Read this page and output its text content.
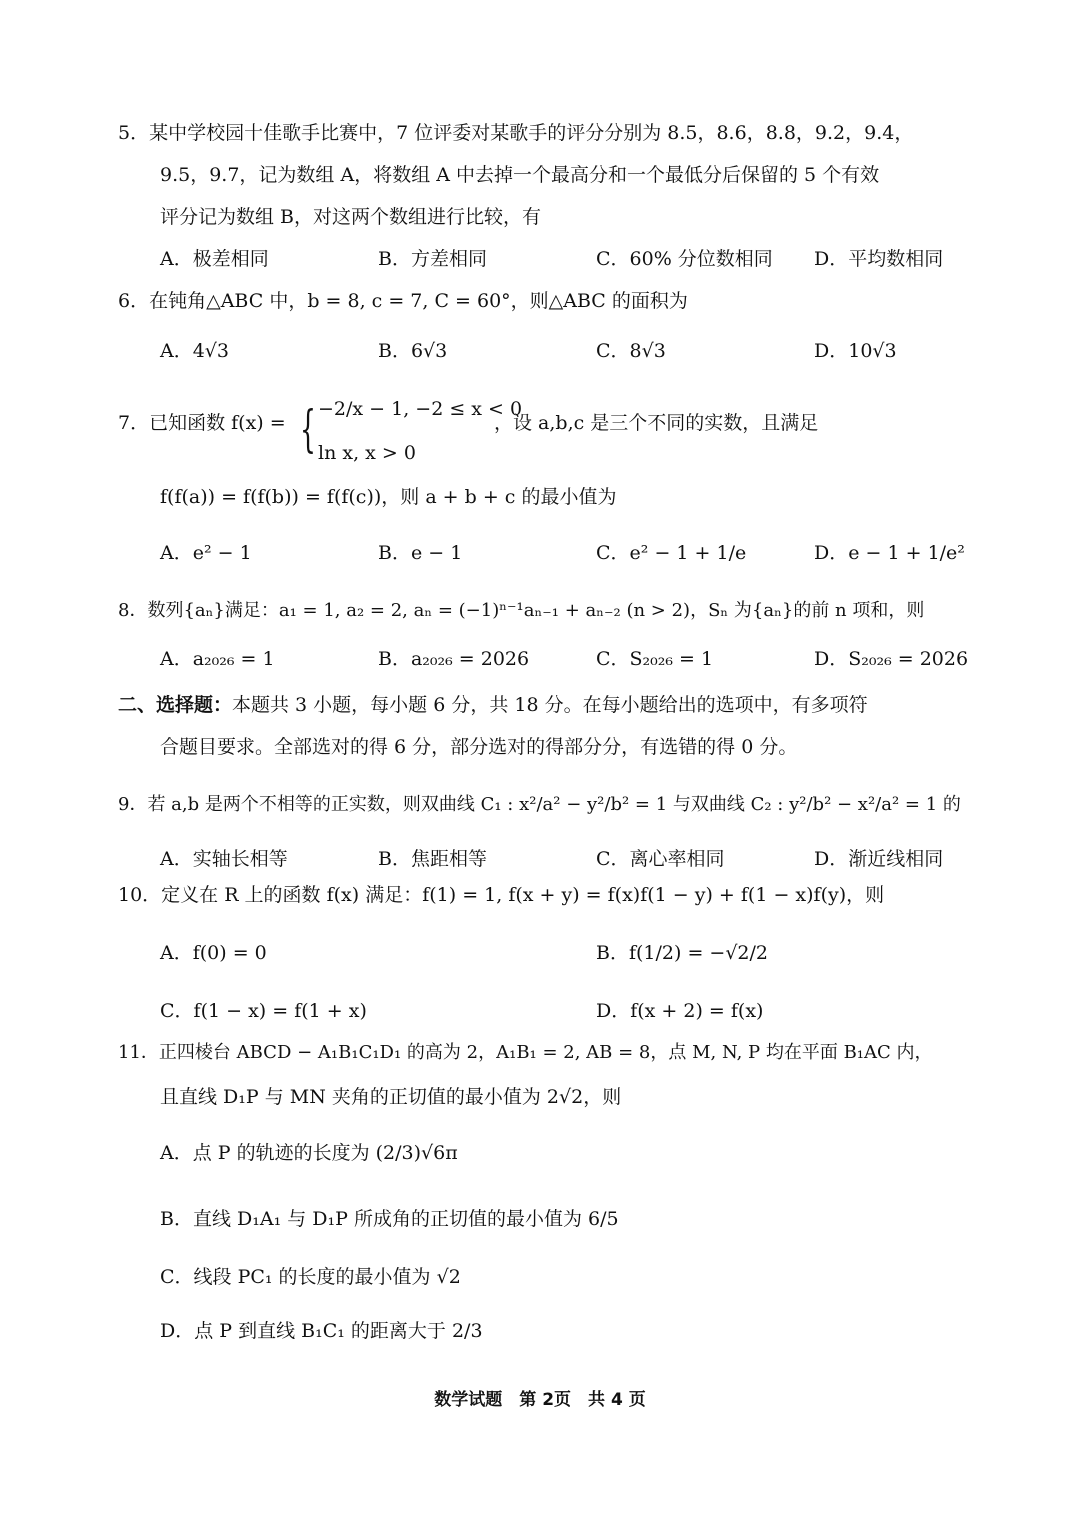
5．某中学校园十佳歌手比赛中，7 位评委对某歌手的评分分别为 8.5，8.6，8.8，9.2，9.4，
9.5，9.7，记为数组 A，将数组 A 中去掉一个最高分和一个最低分后保留的 5 个有效
评分记为数组 B，对这两个数组进行比较，有
A．极差相同	B．方差相同	C．60% 分位数相同 D．平均数相同
6．在钝角△ABC 中，b = 8, c = 7, C = 60°，则△ABC 的面积为
A．4√3	B．6√3	C．8√3	D．10√3
7．已知函数 f(x) = { −2/x − 1, −2 ≤ x < 0
ln x, x > 0
，设 a,b,c 是三个不同的实数，且满足
f(f(a)) = f(f(b)) = f(f(c))，则 a + b + c 的最小值为
A．e² − 1	B．e − 1	C．e² − 1 + 1/e	D．e − 1 + 1/e²
8．数列{aₙ}满足：a₁ = 1, a₂ = 2, aₙ = (−1)ⁿ⁻¹aₙ₋₁ + aₙ₋₂ (n > 2)，Sₙ 为{aₙ}的前 n 项和，则
A．a₂₀₂₆ = 1	B．a₂₀₂₆ = 2026	C．S₂₀₂₆ = 1	D．S₂₀₂₆ = 2026
二、选择题：本题共 3 小题，每小题 6 分，共 18 分。在每小题给出的选项中，有多项符
合题目要求。全部选对的得 6 分，部分选对的得部分分，有选错的得 0 分。
9．若 a,b 是两个不相等的正实数，则双曲线 C₁ : x²/a² − y²/b² = 1 与双曲线 C₂ : y²/b² − x²/a² = 1 的
A．实轴长相等	B．焦距相等	C．离心率相同	D．渐近线相同
10．定义在 R 上的函数 f(x) 满足：f(1) = 1, f(x + y) = f(x)f(1 − y) + f(1 − x)f(y)，则
A．f(0) = 0	B．f(1/2) = −√2/2
C．f(1 − x) = f(1 + x)	D．f(x + 2) = f(x)
11．正四棱台 ABCD − A₁B₁C₁D₁ 的高为 2，A₁B₁ = 2, AB = 8，点 M, N, P 均在平面 B₁AC 内，
且直线 D₁P 与 MN 夹角的正切值的最小值为 2√2，则
A．点 P 的轨迹的长度为 (2/3)√6π
B．直线 D₁A₁ 与 D₁P 所成角的正切值的最小值为 6/5
C．线段 PC₁ 的长度的最小值为 √2
D．点 P 到直线 B₁C₁ 的距离大于 2/3
数学试题　第 2页　共 4 页
